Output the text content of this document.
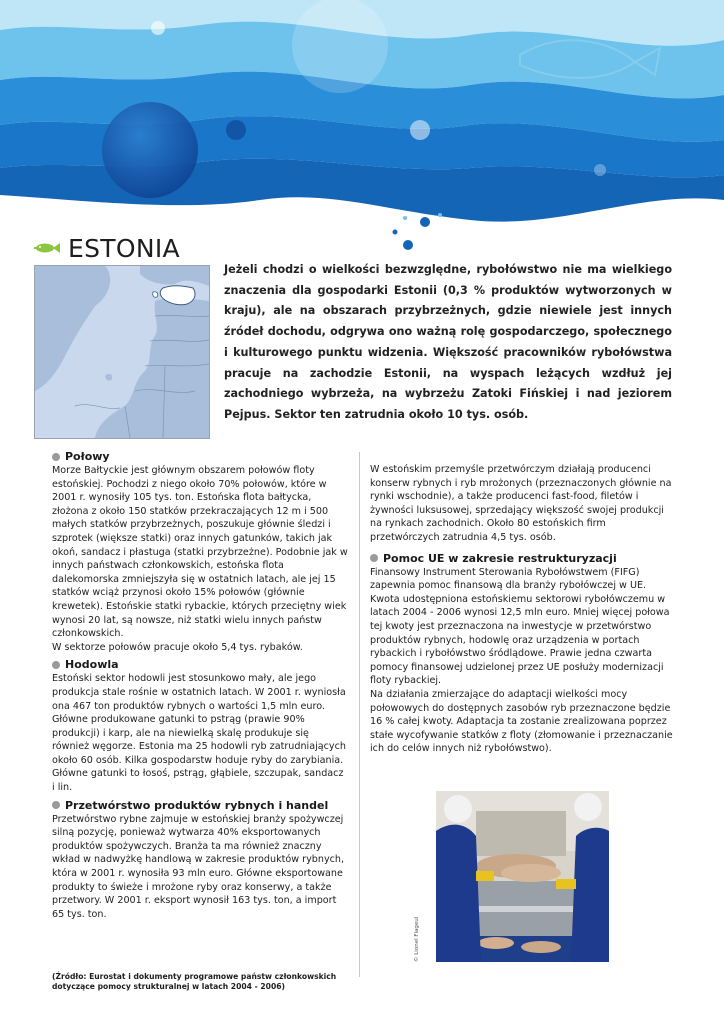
ESTONIA
Jeżeli chodzi o wielkości bezwzględne, rybołówstwo nie ma wielkiego znaczenia dla gospodarki Estonii (0,3 % produktów wytworzonych w kraju), ale na obszarach przybrzeżnych, gdzie niewiele jest innych źródeł dochodu, odgrywa ono ważną rolę gospodarczego, społecznego i kulturowego punktu widzenia. Większość pracowników rybołówstwa pracuje na zachodzie Estonii, na wyspach leżących wzdłuż jej zachodniego wybrzeża, na wybrzeżu Zatoki Fińskiej i nad jeziorem Pejpus. Sektor ten zatrudnia około 10 tys. osób.
Połowy
Morze Bałtyckie jest głównym obszarem połowów floty estońskiej. Pochodzi z niego około 70% połowów, które w 2001 r. wynosiły 105 tys. ton. Estońska flota bałtycka, złożona z około 150 statków przekraczających 12 m i 500 małych statków przybrzeżnych, poszukuje głównie śledzi i szprotek (większe statki) oraz innych gatunków, takich jak okoń, sandacz i płastuga (statki przybrzeżne). Podobnie jak w innych państwach członkowskich, estońska flota dalekomorska zmniejszyła się w ostatnich latach, ale jej 15 statków wciąż przynosi około 15% połowów (głównie krewetek). Estońskie statki rybackie, których przeciętny wiek wynosi 20 lat, są nowsze, niż statki wielu innych państw członkowskich.
W sektorze połowów pracuje około 5,4 tys. rybaków.
Hodowla
Estoński sektor hodowli jest stosunkowo mały, ale jego produkcja stale rośnie w ostatnich latach. W 2001 r. wyniosła ona 467 ton produktów rybnych o wartości 1,5 mln euro. Główne produkowane gatunki to pstrąg (prawie 90% produkcji) i karp, ale na niewielką skalę produkuje się również węgorze. Estonia ma 25 hodowli ryb zatrudniających około 60 osób. Kilka gospodarstw hoduje ryby do zarybiania. Główne gatunki to łosoś, pstrąg, głąbiele, szczupak, sandacz i lin.
Przetwórstwo produktów rybnych i handel
Przetwórstwo rybne zajmuje w estońskiej branży spożywczej silną pozycję, ponieważ wytwarza 40% eksportowanych produktów spożywczych. Branża ta ma również znaczny wkład w nadwyżkę handlową w zakresie produktów rybnych, która w 2001 r. wynosiła 93 mln euro. Główne eksportowane produkty to świeże i mrożone ryby oraz konserwy, a także przetwory. W 2001 r. eksport wynosił 163 tys. ton, a import 65 tys. ton.
W estońskim przemyśle przetwórczym działają producenci konserw rybnych i ryb mrożonych (przeznaczonych głównie na rynki wschodnie), a także producenci fast-food, filetów i żywności luksusowej, sprzedający większość swojej produkcji na rynkach zachodnich. Około 80 estońskich firm przetwórczych zatrudnia 4,5 tys. osób.
Pomoc UE w zakresie restrukturyzacji
Finansowy Instrument Sterowania Rybołówstwem (FIFG) zapewnia pomoc finansową dla branży rybołówczej w UE.
Kwota udostępniona estońskiemu sektorowi rybołówczemu w latach 2004 - 2006 wynosi 12,5 mln euro. Mniej więcej połowa tej kwoty jest przeznaczona na inwestycje w przetwórstwo produktów rybnych, hodowlę oraz urządzenia w portach rybackich i rybołówstwo śródlądowe. Prawie jedna czwarta pomocy finansowej udzielonej przez UE posłuży modernizacji floty rybackiej.
Na działania zmierzające do adaptacji wielkości mocy połowowych do dostępnych zasobów ryb przeznaczone będzie 16 % całej kwoty. Adaptacja ta zostanie zrealizowana poprzez stałe wycofywanie statków z floty (złomowanie i przeznaczanie ich do celów innych niż rybołówstwo).
© Lionel Flageul
(Źródło: Eurostat i dokumenty programowe państw członkowskich
dotyczące pomocy strukturalnej w latach 2004 - 2006)
